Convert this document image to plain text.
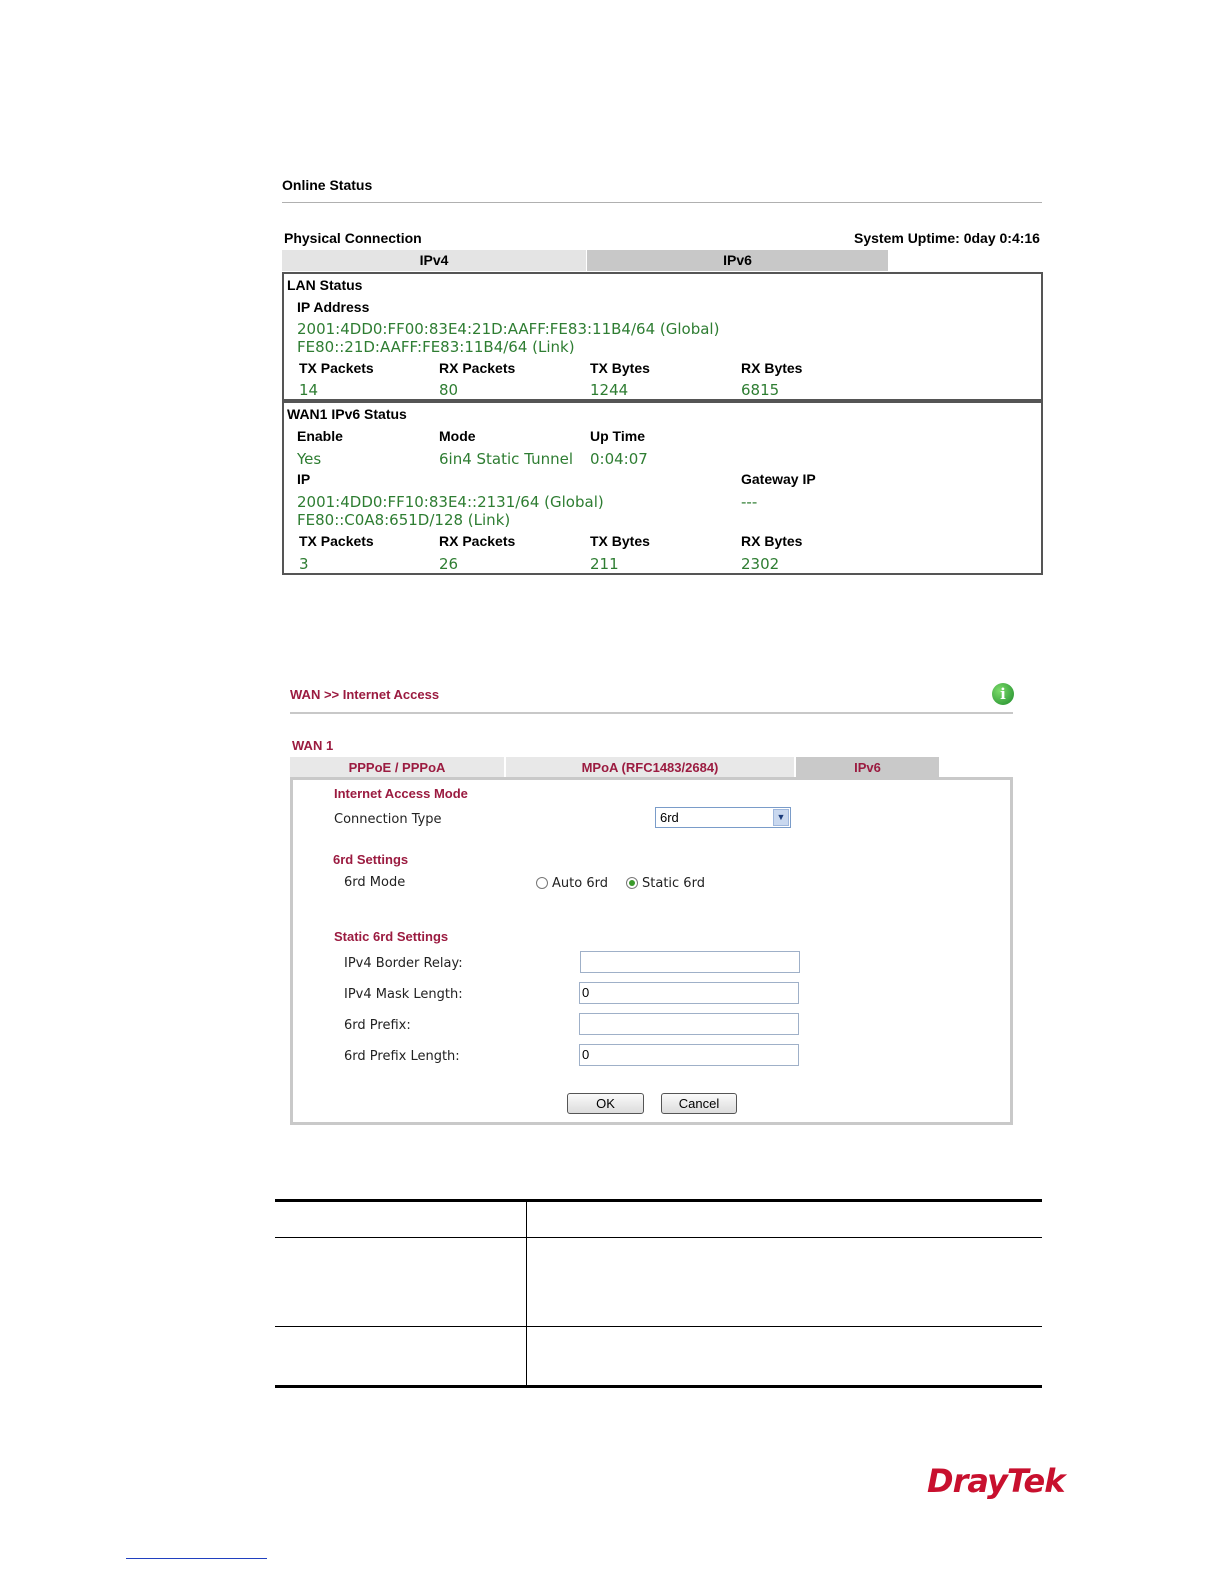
Online Status
Physical Connection	System Uptime: 0day 0:4:16
IPv4	IPv6
LAN Status
IP Address
2001:4DD0:FF00:83E4:21D:AAFF:FE83:11B4/64 (Global)
FE80::21D:AAFF:FE83:11B4/64 (Link)
TX Packets	RX Packets	TX Bytes	RX Bytes
14	80	1244	6815
WAN1 IPv6 Status
Enable	Mode	Up Time
Yes	6in4 Static Tunnel 0:04:07
IP	Gateway IP
2001:4DD0:FF10:83E4::2131/64 (Global)	---
FE80::C0A8:651D/128 (Link)
TX Packets	RX Packets	TX Bytes	RX Bytes
3	26	211	2302
WAN >> Internet Access	i
WAN 1
PPPoE / PPPoA	MPoA (RFC1483/2684)	IPv6
Internet Access Mode
Connection Type	6rd	▼
6rd Settings
6rd Mode	Auto 6rd	Static 6rd
Static 6rd Settings
IPv4 Border Relay:
IPv4 Mask Length:	0
6rd Prefix:
6rd Prefix Length:	0
OK	Cancel
DrayTek
